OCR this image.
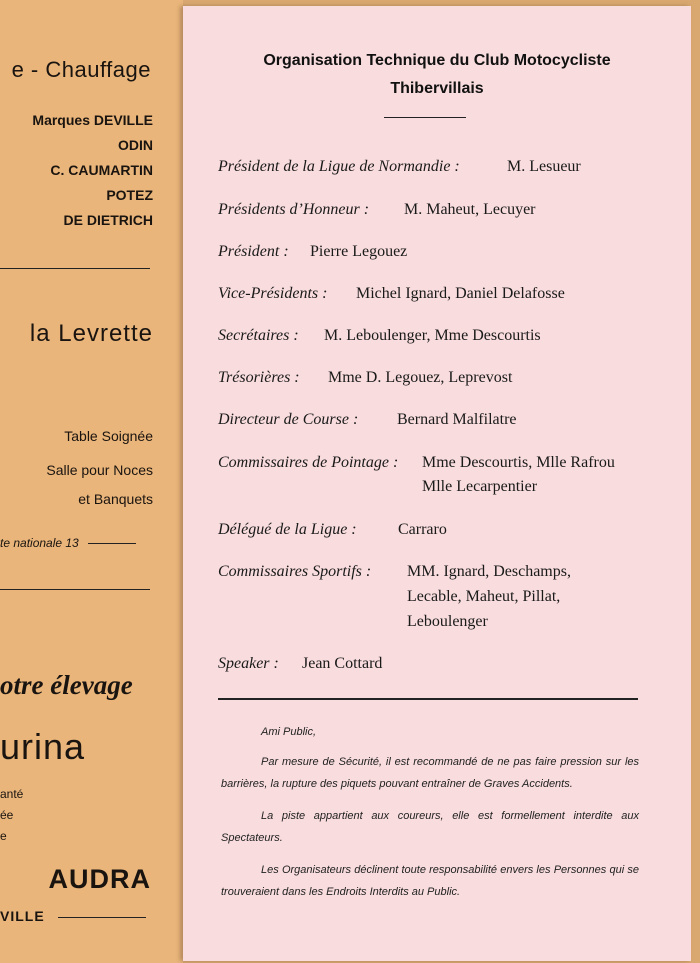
e - Chauffage
Marques DEVILLE
ODIN
C. CAUMARTIN
POTEZ
DE DIETRICH
la Levrette
Table Soignée
Salle pour Noces
et Banquets
te nationale 13
otre élevage
urina
anté
ée
e
AUDRA
VILLE
Organisation Technique du Club Motocycliste
Thibervillais
Président de la Ligue de Normandie :	M. Lesueur
Présidents d’Honneur : M. Maheut, Lecuyer
Président : Pierre Legouez
Vice-Présidents : Michel Ignard, Daniel Delafosse
Secrétaires : M. Leboulenger, Mme Descourtis
Trésorières : Mme D. Legouez, Leprevost
Directeur de Course : Bernard Malfilatre
Commissaires de Pointage : Mme Descourtis, Mlle Rafrou
Mlle Lecarpentier
Délégué de la Ligue :	Carraro
Commissaires Sportifs : MM. Ignard, Deschamps,
Lecable, Maheut, Pillat,
Leboulenger
Speaker : Jean Cottard

Ami Public,

Par mesure de Sécurité, il est recommandé de ne pas faire pression sur les barrières, la rupture des piquets pouvant entraîner de Graves Accidents.

La piste appartient aux coureurs, elle est formellement interdite aux Spectateurs.

Les Organisateurs déclinent toute responsabilité envers les Personnes qui se trouveraient dans les Endroits Interdits au Public.
